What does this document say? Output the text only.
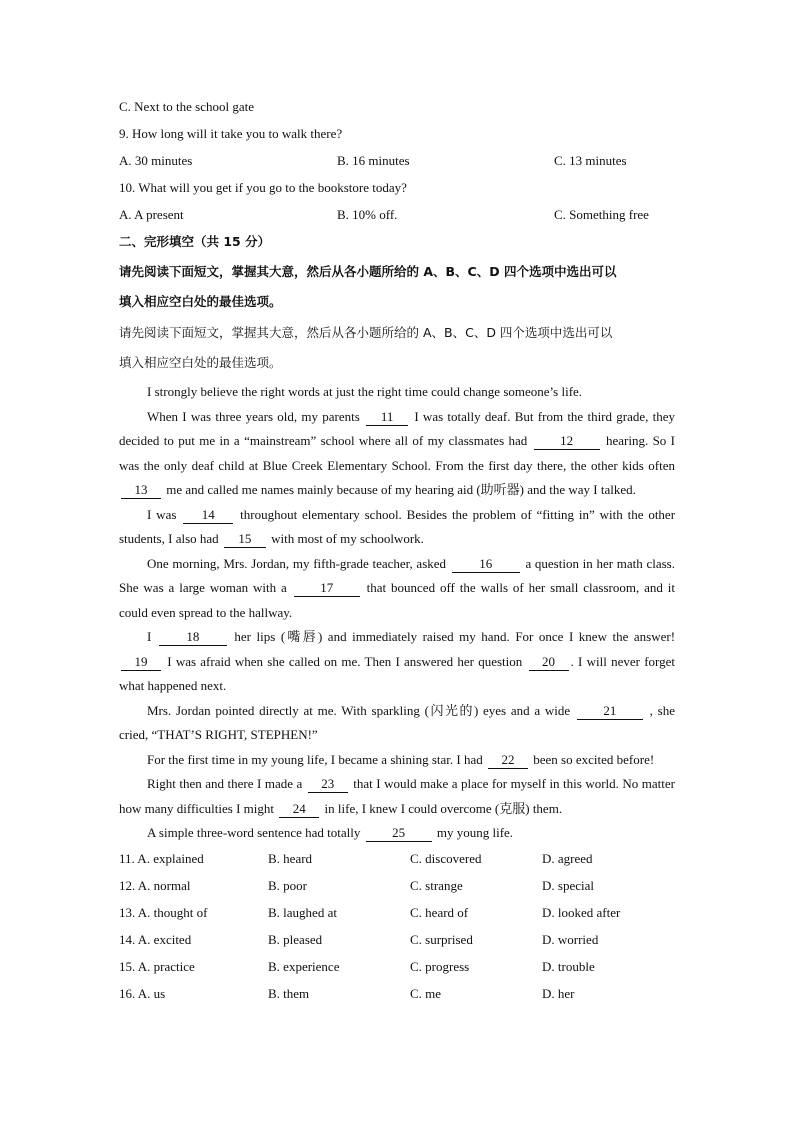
C. Next to the school gate
9. How long will it take you to walk there?
A. 30 minutes	B. 16 minutes	C. 13 minutes
10. What will you get if you go to the bookstore today?
A. A present	B. 10% off.	C. Something free
二、完形填空（共 15 分）
请先阅读下面短文，掌握其大意，然后从各小题所给的 A、B、C、D 四个选项中选出可以
填入相应空白处的最佳选项。
请先阅读下面短文，掌握其大意，然后从各小题所给的 A、B、C、D 四个选项中选出可以
填入相应空白处的最佳选项。
I strongly believe the right words at just the right time could change someone’s life.
When I was three years old, my parents 11 I was totally deaf. But from the third grade, they decided to put me in a “mainstream” school where all of my classmates had	12	hearing. So I was the only deaf child at Blue Creek Elementary School. From the first day there, the other kids often 13 me and called me names mainly because of my hearing aid (助听器) and the way I talked.
I was 14 throughout elementary school. Besides the problem of “fitting in” with the other students, I also had 15 with most of my schoolwork.
One morning, Mrs. Jordan, my fifth-grade teacher, asked	16	a question in her math class. She was a large woman with a	17	that bounced off the walls of her small classroom, and it could even spread to the hallway.
I	18	her lips (嘴唇) and immediately raised my hand. For once I knew the answer! 19 I was afraid when she called on me. Then I answered her question 20 . I will never forget what happened next.
Mrs. Jordan pointed directly at me. With sparkling (闪光的) eyes and a wide	21	, she cried, “THAT’S RIGHT, STEPHEN!”
For the first time in my young life, I became a shining star. I had 22 been so excited before!
Right then and there I made a 23 that I would make a place for myself in this world. No matter how many difficulties I might 24 in life, I knew I could overcome (克服) them.
A simple three-word sentence had totally 25 my young life.
11. A. explained	B. heard	C. discovered	D. agreed
12. A. normal	B. poor	C. strange	D. special
13. A. thought of	B. laughed at	C. heard of	D. looked after
14. A. excited	B. pleased	C. surprised	D. worried
15. A. practice	B. experience	C. progress	D. trouble
16. A. us	B. them	C. me	D. her
